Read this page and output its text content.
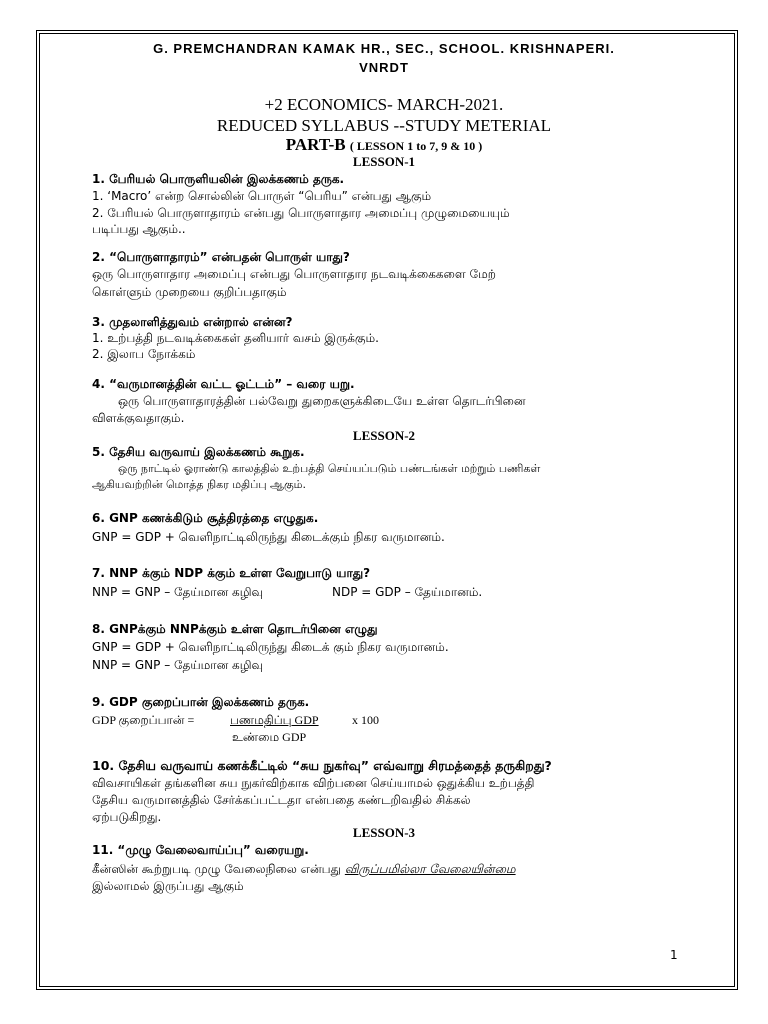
G. PREMCHANDRAN KAMAK HR., SEC., SCHOOL. KRISHNAPERI.
VNRDT
+2 ECONOMICS- MARCH-2021.
REDUCED SYLLABUS --STUDY METERIAL
PART-B ( LESSON 1 to 7, 9 & 10 )
LESSON-1
1. பேரியல் பொருளியலின் இலக்கணம் தருக.
1. ‘Macro’ என்ற சொல்லின் பொருள் “பெரிய” என்பது ஆகும்
2. பேரியல் பொருளாதாரம் என்பது பொருளாதார அமைப்பு முழுமையையும்
படிப்பது ஆகும்..
2. “பொருளாதாரம்” என்பதன் பொருள் யாது?
ஒரு பொருளாதார அமைப்பு என்பது பொருளாதார நடவடிக்கைகளை மேற்
கொள்ளும் முறையை குறிப்பதாகும்
3. முதலாளித்துவம் என்றால் என்ன?
1. உற்பத்தி நடவடிக்கைகள் தனியார் வசம் இருக்கும்.
2. இலாப நோக்கம்
4. “வருமானத்தின் வட்ட ஓட்டம்” – வரை யறு.
ஒரு பொருளாதாரத்தின் பல்வேறு துறைகளுக்கிடையே உள்ள தொடர்பினை
விளக்குவதாகும்.
LESSON-2
5. தேசிய வருவாய் இலக்கணம் கூறுக.
ஒரு நாட்டில் ஓராண்டு காலத்தில் உற்பத்தி செய்யப்படும் பண்டங்கள் மற்றும் பணிகள்
ஆகியவற்றின் மொத்த நிகர மதிப்பு ஆகும்.
6. GNP கணக்கிடும் சூத்திரத்தை எழுதுக.
GNP = GDP + வெளிநாட்டிலிருந்து கிடைக்கும் நிகர வருமானம்.
7. NNP க்கும் NDP க்கும் உள்ள வேறுபாடு யாது?
NNP = GNP – தேய்மான கழிவு	NDP = GDP – தேய்மானம்.
8. GNPக்கும் NNPக்கும் உள்ள தொடர்பினை எழுது
GNP = GDP + வெளிநாட்டிலிருந்து கிடைக் கும் நிகர வருமானம்.
NNP = GNP – தேய்மான கழிவு
9. GDP குறைப்பான் இலக்கணம் தருக.
GDP குறைப்பான் =	பணமதிப்பு GDP	x 100
உண்மை GDP
10. தேசிய வருவாய் கணக்கீட்டில் “சுய நுகர்வு” எவ்வாறு சிரமத்தைத் தருகிறது?
விவசாயிகள் தங்களின சுய நுகர்விற்காக விற்பனை செய்யாமல் ஒதுக்கிய உற்பத்தி
தேசிய வருமானத்தில் சேர்க்கப்பட்டதா என்பதை கண்டறிவதில் சிக்கல்
ஏற்படுகிறது.
LESSON-3
11. “முழு வேலைவாய்ப்பு” வரையறு.
கீன்ஸின் கூற்றுபடி முழு வேலைநிலை என்பது விருப்பமில்லா வேலையின்மை
இல்லாமல் இருப்பது ஆகும்
1
